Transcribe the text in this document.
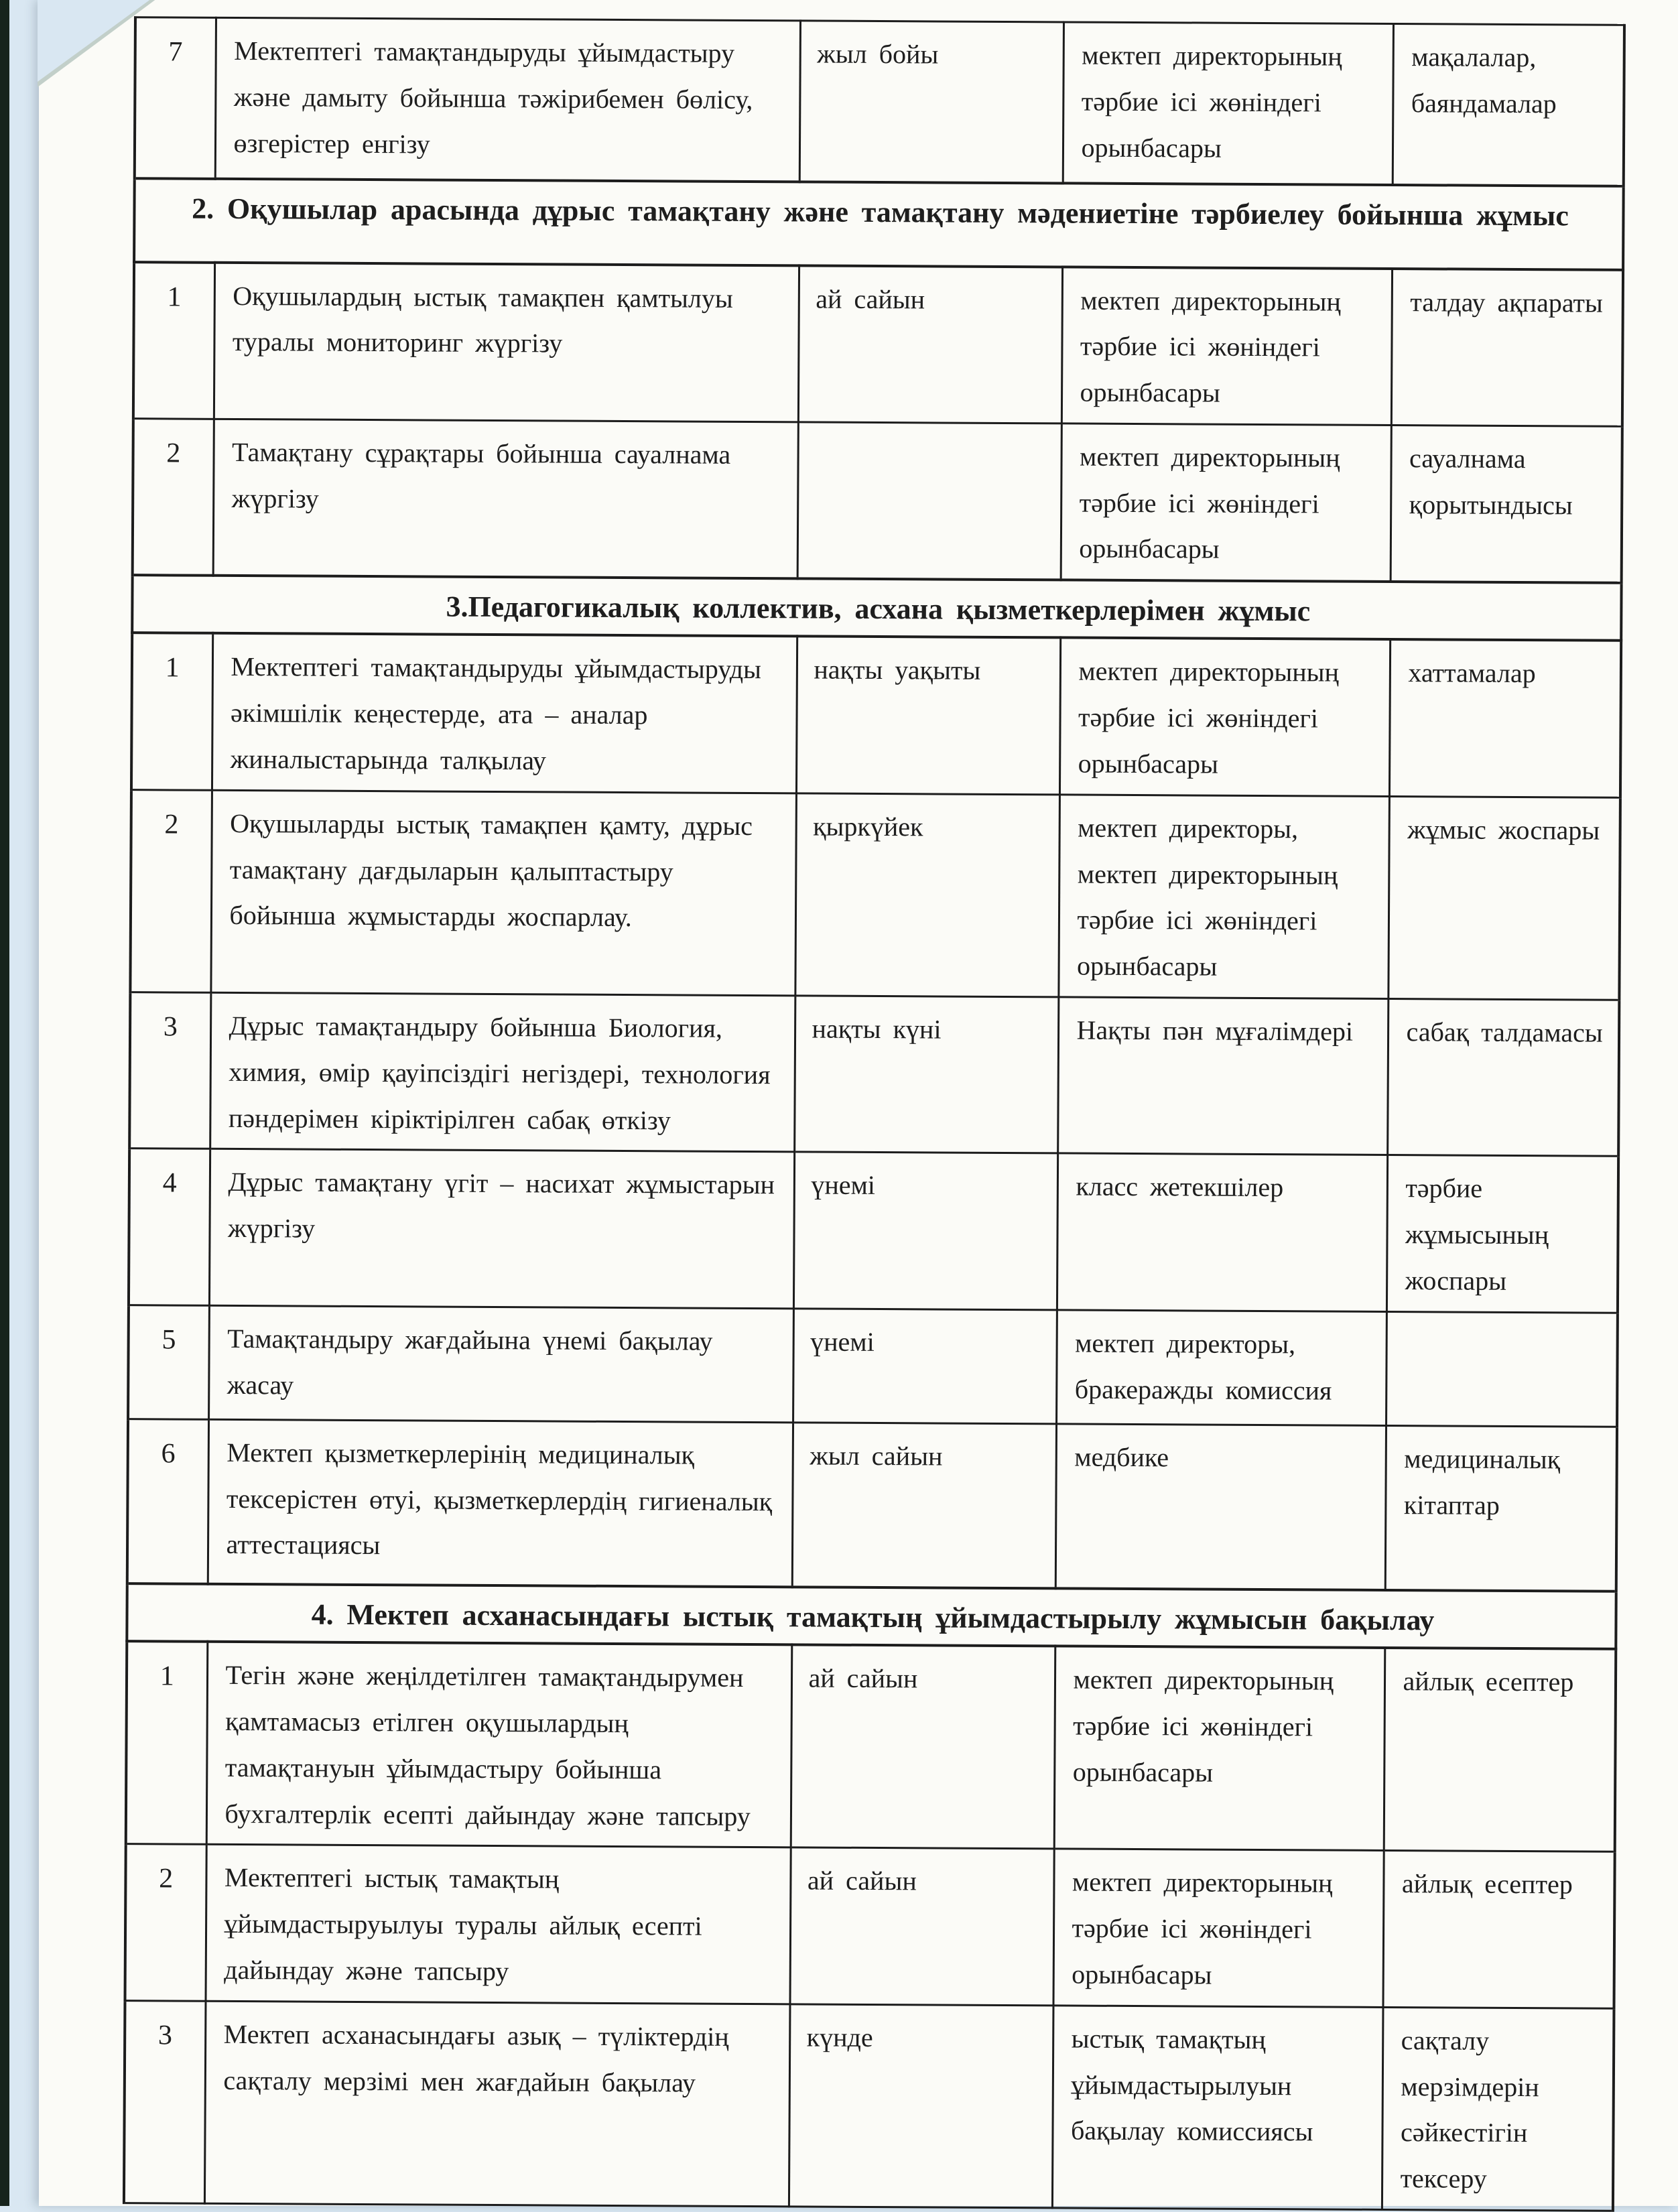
7	Мектептегі тамақтандыруды ұйымдастыру және дамыту бойынша тәжірибемен бөлісу, өзгерістер енгізу	жыл бойы	мектеп директорының тәрбие ісі жөніндегі орынбасары	мақалалар, баяндамалар
2. Оқушылар арасында дұрыс тамақтану және тамақтану мәдениетіне тәрбиелеу бойынша жұмыс				
1	Оқушылардың ыстық тамақпен қамтылуы туралы мониторинг жүргізу	ай сайын	мектеп директорының тәрбие ісі жөніндегі орынбасары	талдау ақпараты
2	Тамақтану сұрақтары бойынша сауалнама жүргізу		мектеп директорының тәрбие ісі жөніндегі орынбасары	сауалнама қорытындысы
3.Педагогикалық коллектив, асхана қызметкерлерімен жұмыс				
1	Мектептегі тамақтандыруды ұйымдастыруды әкімшілік кеңестерде, ата – аналар жиналыстарында талқылау	нақты уақыты	мектеп директорының тәрбие ісі жөніндегі орынбасары	хаттамалар
2	Оқушыларды ыстық тамақпен қамту, дұрыс тамақтану дағдыларын қалыптастыру бойынша жұмыстарды жоспарлау.	қыркүйек	мектеп директоры, мектеп директорының тәрбие ісі жөніндегі орынбасары	жұмыс жоспары
3	Дұрыс тамақтандыру бойынша Биология, химия, өмір қауіпсіздігі негіздері, технология пәндерімен кіріктірілген сабақ өткізу	нақты күні	Нақты пән мұғалімдері	сабақ талдамасы
4	Дұрыс тамақтану үгіт – насихат жұмыстарын жүргізу	үнемі	класс жетекшілер	тәрбие жұмысының жоспары
5	Тамақтандыру жағдайына үнемі бақылау жасау	үнемі	мектеп директоры, бракеражды комиссия	
6	Мектеп қызметкерлерінің медициналық тексерістен өтуі, қызметкерлердің гигиеналық аттестациясы	жыл сайын	медбике	медициналық кітаптар
4. Мектеп асханасындағы ыстық тамақтың ұйымдастырылу жұмысын бақылау				
1	Тегін және жеңілдетілген тамақтандырумен қамтамасыз етілген оқушылардың тамақтануын ұйымдастыру бойынша бухгалтерлік есепті дайындау және тапсыру	ай сайын	мектеп директорының тәрбие ісі жөніндегі орынбасары	айлық есептер
2	Мектептегі ыстық тамақтың ұйымдастыруылуы туралы айлық есепті дайындау және тапсыру	ай сайын	мектеп директорының тәрбие ісі жөніндегі орынбасары	айлық есептер
3	Мектеп асханасындағы азық – түліктердің сақталу мерзімі мен жағдайын бақылау	күнде	ыстық тамақтың ұйымдастырылуын бақылау комиссиясы	сақталу мерзімдерін сәйкестігін тексеру
